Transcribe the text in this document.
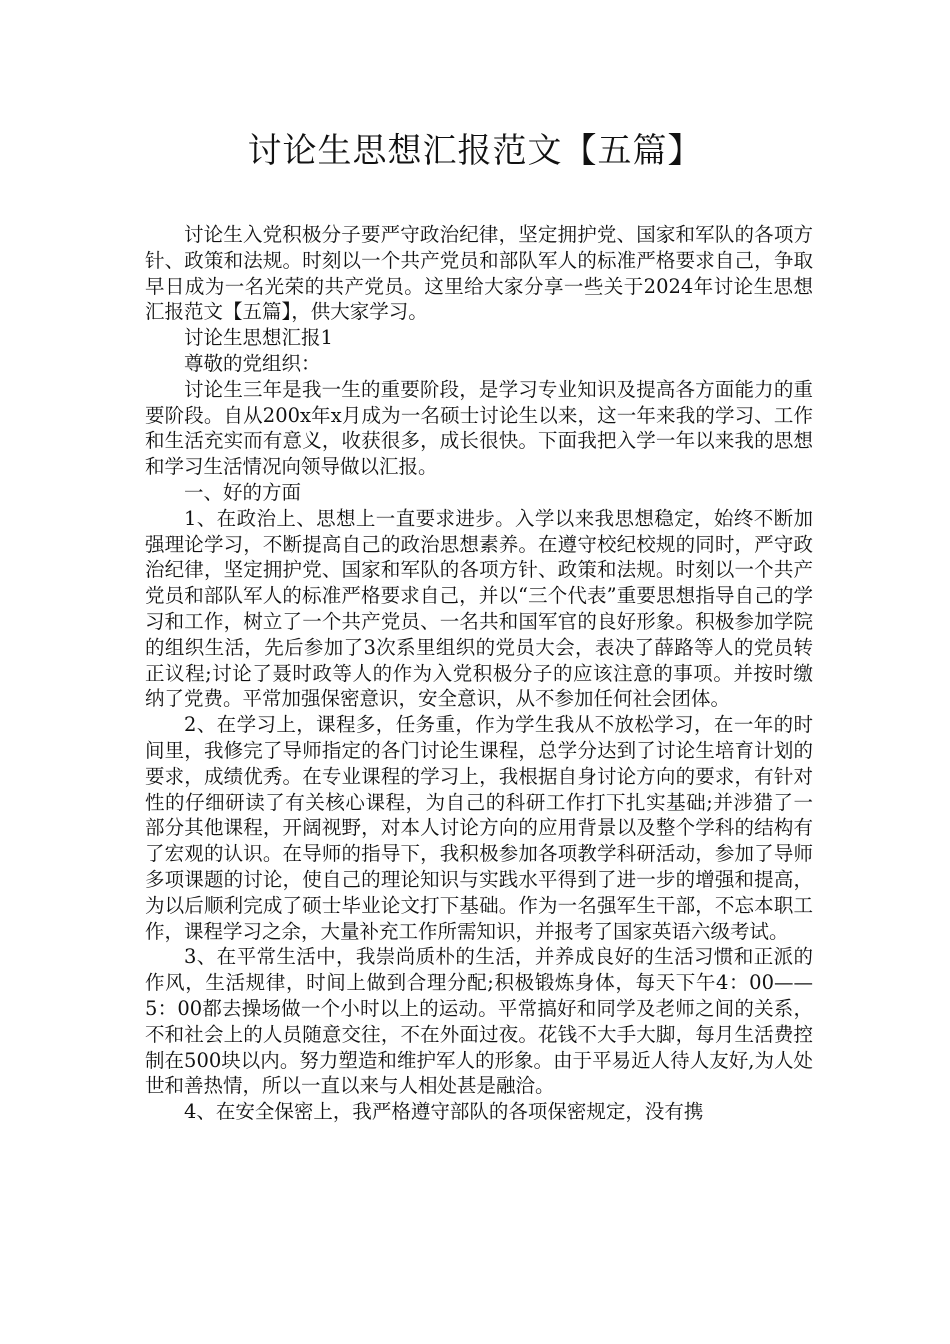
讨论生思想汇报范文【五篇】

讨论生入党积极分子要严守政治纪律，坚定拥护党、国家和军队的各项方针、政策和法规。时刻以一个共产党员和部队军人的标准严格要求自己，争取早日成为一名光荣的共产党员。这里给大家分享一些关于2024年讨论生思想汇报范文【五篇】，供大家学习。

讨论生思想汇报1

尊敬的党组织：

讨论生三年是我一生的重要阶段，是学习专业知识及提高各方面能力的重要阶段。自从200x年x月成为一名硕士讨论生以来，这一年来我的学习、工作和生活充实而有意义，收获很多，成长很快。下面我把入学一年以来我的思想和学习生活情况向领导做以汇报。

一、好的方面

1、在政治上、思想上一直要求进步。入学以来我思想稳定，始终不断加强理论学习，不断提高自己的政治思想素养。在遵守校纪校规的同时，严守政治纪律，坚定拥护党、国家和军队的各项方针、政策和法规。时刻以一个共产党员和部队军人的标准严格要求自己，并以“三个代表”重要思想指导自己的学习和工作，树立了一个共产党员、一名共和国军官的良好形象。积极参加学院的组织生活，先后参加了3次系里组织的党员大会，表决了薛路等人的党员转正议程;讨论了聂时政等人的作为入党积极分子的应该注意的事项。并按时缴纳了党费。平常加强保密意识，安全意识，从不参加任何社会团体。

2、在学习上，课程多，任务重，作为学生我从不放松学习，在一年的时间里，我修完了导师指定的各门讨论生课程，总学分达到了讨论生培育计划的要求，成绩优秀。在专业课程的学习上，我根据自身讨论方向的要求，有针对性的仔细研读了有关核心课程，为自己的科研工作打下扎实基础;并涉猎了一部分其他课程，开阔视野，对本人讨论方向的应用背景以及整个学科的结构有了宏观的认识。在导师的指导下，我积极参加各项教学科研活动，参加了导师多项课题的讨论，使自己的理论知识与实践水平得到了进一步的增强和提高，为以后顺利完成了硕士毕业论文打下基础。作为一名强军生干部，不忘本职工作，课程学习之余，大量补充工作所需知识，并报考了国家英语六级考试。

3、在平常生活中，我崇尚质朴的生活，并养成良好的生活习惯和正派的作风，生活规律，时间上做到合理分配;积极锻炼身体，每天下午4：00——5：00都去操场做一个小时以上的运动。平常搞好和同学及老师之间的关系，不和社会上的人员随意交往，不在外面过夜。花钱不大手大脚，每月生活费控制在500块以内。努力塑造和维护军人的形象。由于平易近人待人友好,为人处世和善热情，所以一直以来与人相处甚是融洽。

4、在安全保密上，我严格遵守部队的各项保密规定，没有携
